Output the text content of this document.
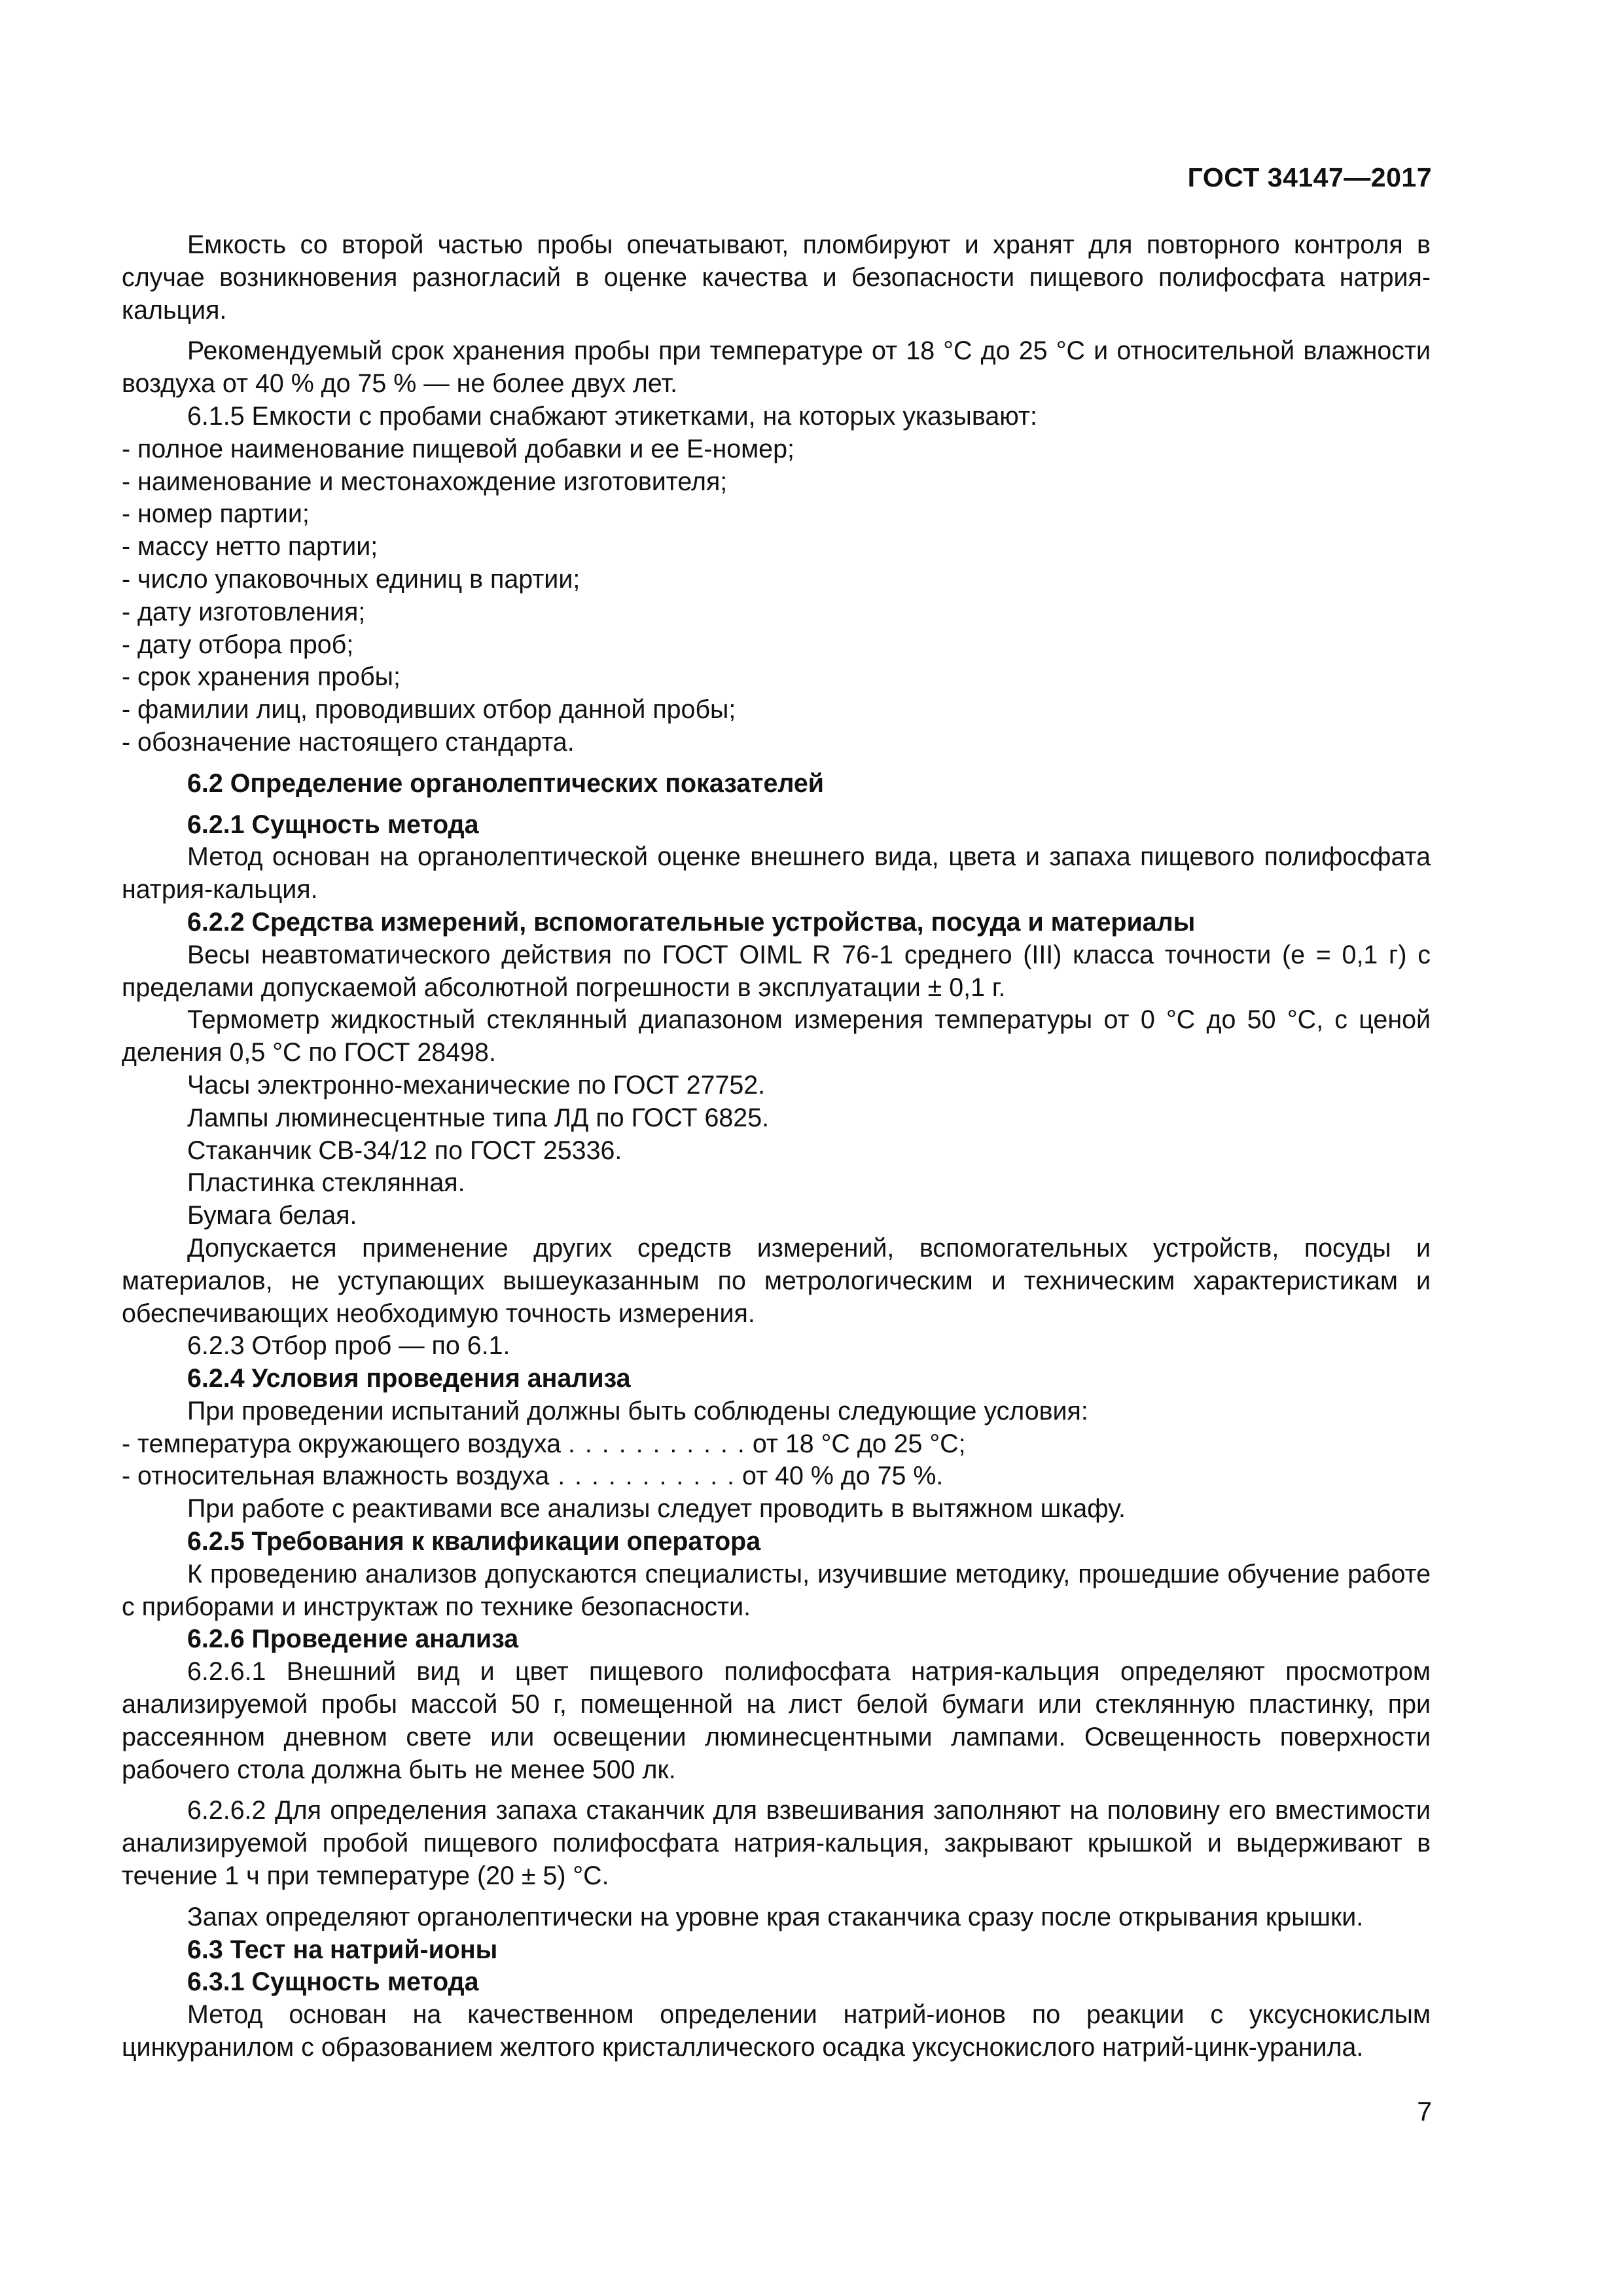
ГОСТ 34147—2017

Емкость со второй частью пробы опечатывают, пломбируют и хранят для повторного контроля в случае возникновения разногласий в оценке качества и безопасности пищевого полифосфата натрия-кальция.

Рекомендуемый срок хранения пробы при температуре от 18 °С до 25 °С и относительной влажности воздуха от 40 % до 75 % — не более двух лет.

6.1.5 Емкости с пробами снабжают этикетками, на которых указывают:

- полное наименование пищевой добавки и ее Е-номер;

- наименование и местонахождение изготовителя;

- номер партии;

- массу нетто партии;

- число упаковочных единиц в партии;

- дату изготовления;

- дату отбора проб;

- срок хранения пробы;

- фамилии лиц, проводивших отбор данной пробы;

- обозначение настоящего стандарта.

6.2 Определение органолептических показателей

6.2.1 Сущность метода

Метод основан на органолептической оценке внешнего вида, цвета и запаха пищевого полифосфата натрия-кальция.

6.2.2 Средства измерений, вспомогательные устройства, посуда и материалы

Весы неавтоматического действия по ГОСТ OIML R 76-1 среднего (III) класса точности (е = 0,1 г) с пределами допускаемой абсолютной погрешности в эксплуатации ± 0,1 г.

Термометр жидкостный стеклянный диапазоном измерения температуры от 0 °С до 50 °С, с ценой деления 0,5 °С по ГОСТ 28498.

Часы электронно-механические по ГОСТ 27752.

Лампы люминесцентные типа ЛД по ГОСТ 6825.

Стаканчик СВ-34/12 по ГОСТ 25336.

Пластинка стеклянная.

Бумага белая.

Допускается применение других средств измерений, вспомогательных устройств, посуды и материалов, не уступающих вышеуказанным по метрологическим и техническим характеристикам и обеспечивающих необходимую точность измерения.

6.2.3 Отбор проб — по 6.1.

6.2.4 Условия проведения анализа

При проведении испытаний должны быть соблюдены следующие условия:

- температура окружающего воздуха . . . . . . . . . . . от 18 °С до 25 °С;
- относительная влажность воздуха . . . . . . . . . . . от 40 % до 75 %.

При работе с реактивами все анализы следует проводить в вытяжном шкафу.

6.2.5 Требования к квалификации оператора

К проведению анализов допускаются специалисты, изучившие методику, прошедшие обучение работе с приборами и инструктаж по технике безопасности.

6.2.6 Проведение анализа

6.2.6.1 Внешний вид и цвет пищевого полифосфата натрия-кальция определяют просмотром анализируемой пробы массой 50 г, помещенной на лист белой бумаги или стеклянную пластинку, при рассеянном дневном свете или освещении люминесцентными лампами. Освещенность поверхности рабочего стола должна быть не менее 500 лк.

6.2.6.2 Для определения запаха стаканчик для взвешивания заполняют на половину его вместимости анализируемой пробой пищевого полифосфата натрия-кальция, закрывают крышкой и выдерживают в течение 1 ч при температуре (20 ± 5) °С.

Запах определяют органолептически на уровне края стаканчика сразу после открывания крышки.

6.3 Тест на натрий-ионы

6.3.1 Сущность метода

Метод основан на качественном определении натрий-ионов по реакции с уксуснокислым цинкуранилом с образованием желтого кристаллического осадка уксуснокислого натрий-цинк-уранила.

7
